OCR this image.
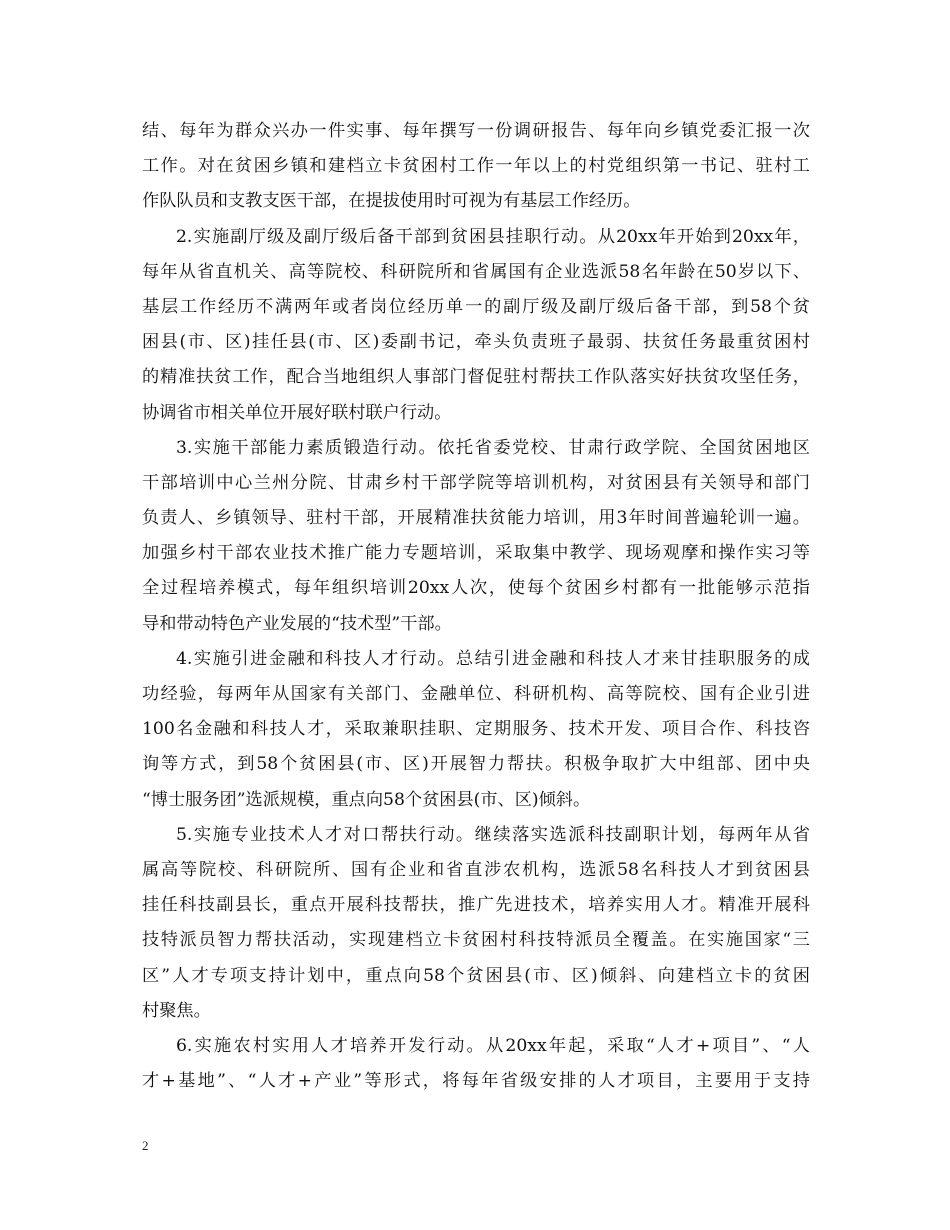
结、每年为群众兴办一件实事、每年撰写一份调研报告、每年向乡镇党委汇报一次
工作。对在贫困乡镇和建档立卡贫困村工作一年以上的村党组织第一书记、驻村工
作队队员和支教支医干部，在提拔使用时可视为有基层工作经历。
2.实施副厅级及副厅级后备干部到贫困县挂职行动。从20xx年开始到20xx年，
每年从省直机关、高等院校、科研院所和省属国有企业选派58名年龄在50岁以下、
基层工作经历不满两年或者岗位经历单一的副厅级及副厅级后备干部，到58个贫
困县(市、区)挂任县(市、区)委副书记，牵头负责班子最弱、扶贫任务最重贫困村
的精准扶贫工作，配合当地组织人事部门督促驻村帮扶工作队落实好扶贫攻坚任务，
协调省市相关单位开展好联村联户行动。
3.实施干部能力素质锻造行动。依托省委党校、甘肃行政学院、全国贫困地区
干部培训中心兰州分院、甘肃乡村干部学院等培训机构，对贫困县有关领导和部门
负责人、乡镇领导、驻村干部，开展精准扶贫能力培训，用3年时间普遍轮训一遍。
加强乡村干部农业技术推广能力专题培训，采取集中教学、现场观摩和操作实习等
全过程培养模式，每年组织培训20xx人次，使每个贫困乡村都有一批能够示范指
导和带动特色产业发展的“技术型”干部。
4.实施引进金融和科技人才行动。总结引进金融和科技人才来甘挂职服务的成
功经验，每两年从国家有关部门、金融单位、科研机构、高等院校、国有企业引进
100名金融和科技人才，采取兼职挂职、定期服务、技术开发、项目合作、科技咨
询等方式，到58个贫困县(市、区)开展智力帮扶。积极争取扩大中组部、团中央
“博士服务团”选派规模，重点向58个贫困县(市、区)倾斜。
5.实施专业技术人才对口帮扶行动。继续落实选派科技副职计划，每两年从省
属高等院校、科研院所、国有企业和省直涉农机构，选派58名科技人才到贫困县
挂任科技副县长，重点开展科技帮扶，推广先进技术，培养实用人才。精准开展科
技特派员智力帮扶活动，实现建档立卡贫困村科技特派员全覆盖。在实施国家“三
区”人才专项支持计划中，重点向58个贫困县(市、区)倾斜、向建档立卡的贫困
村聚焦。
6.实施农村实用人才培养开发行动。从20xx年起，采取“人才+项目”、“人
才+基地”、“人才+产业”等形式，将每年省级安排的人才项目，主要用于支持
2
